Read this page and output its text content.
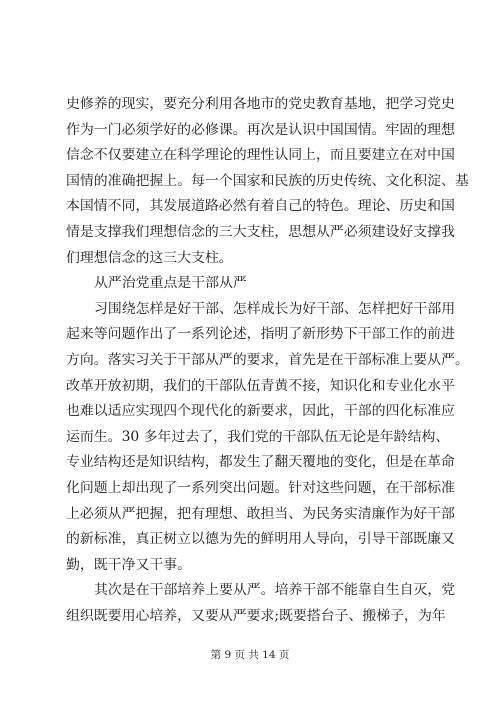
史修养的现实，要充分利用各地市的党史教育基地，把学习党史
作为一门必须学好的必修课。再次是认识中国国情。牢固的理想
信念不仅要建立在科学理论的理性认同上，而且要建立在对中国
国情的准确把握上。每一个国家和民族的历史传统、文化积淀、基
本国情不同，其发展道路必然有着自己的特色。理论、历史和国
情是支撑我们理想信念的三大支柱，思想从严必须建设好支撑我
们理想信念的这三大支柱。
从严治党重点是干部从严
习围绕怎样是好干部、怎样成长为好干部、怎样把好干部用
起来等问题作出了一系列论述，指明了新形势下干部工作的前进
方向。落实习关于干部从严的要求，首先是在干部标准上要从严。
改革开放初期，我们的干部队伍青黄不接，知识化和专业化水平
也难以适应实现四个现代化的新要求，因此，干部的四化标准应
运而生。30 多年过去了，我们党的干部队伍无论是年龄结构、
专业结构还是知识结构，都发生了翻天覆地的变化，但是在革命
化问题上却出现了一系列突出问题。针对这些问题，在干部标准
上必须从严把握，把有理想、敢担当、为民务实清廉作为好干部
的新标准，真正树立以德为先的鲜明用人导向，引导干部既廉又
勤，既干净又干事。
其次是在干部培养上要从严。培养干部不能靠自生自灭，党
组织既要用心培养，又要从严要求;既要搭台子、搬梯子，为年
第 9 页 共 14 页
